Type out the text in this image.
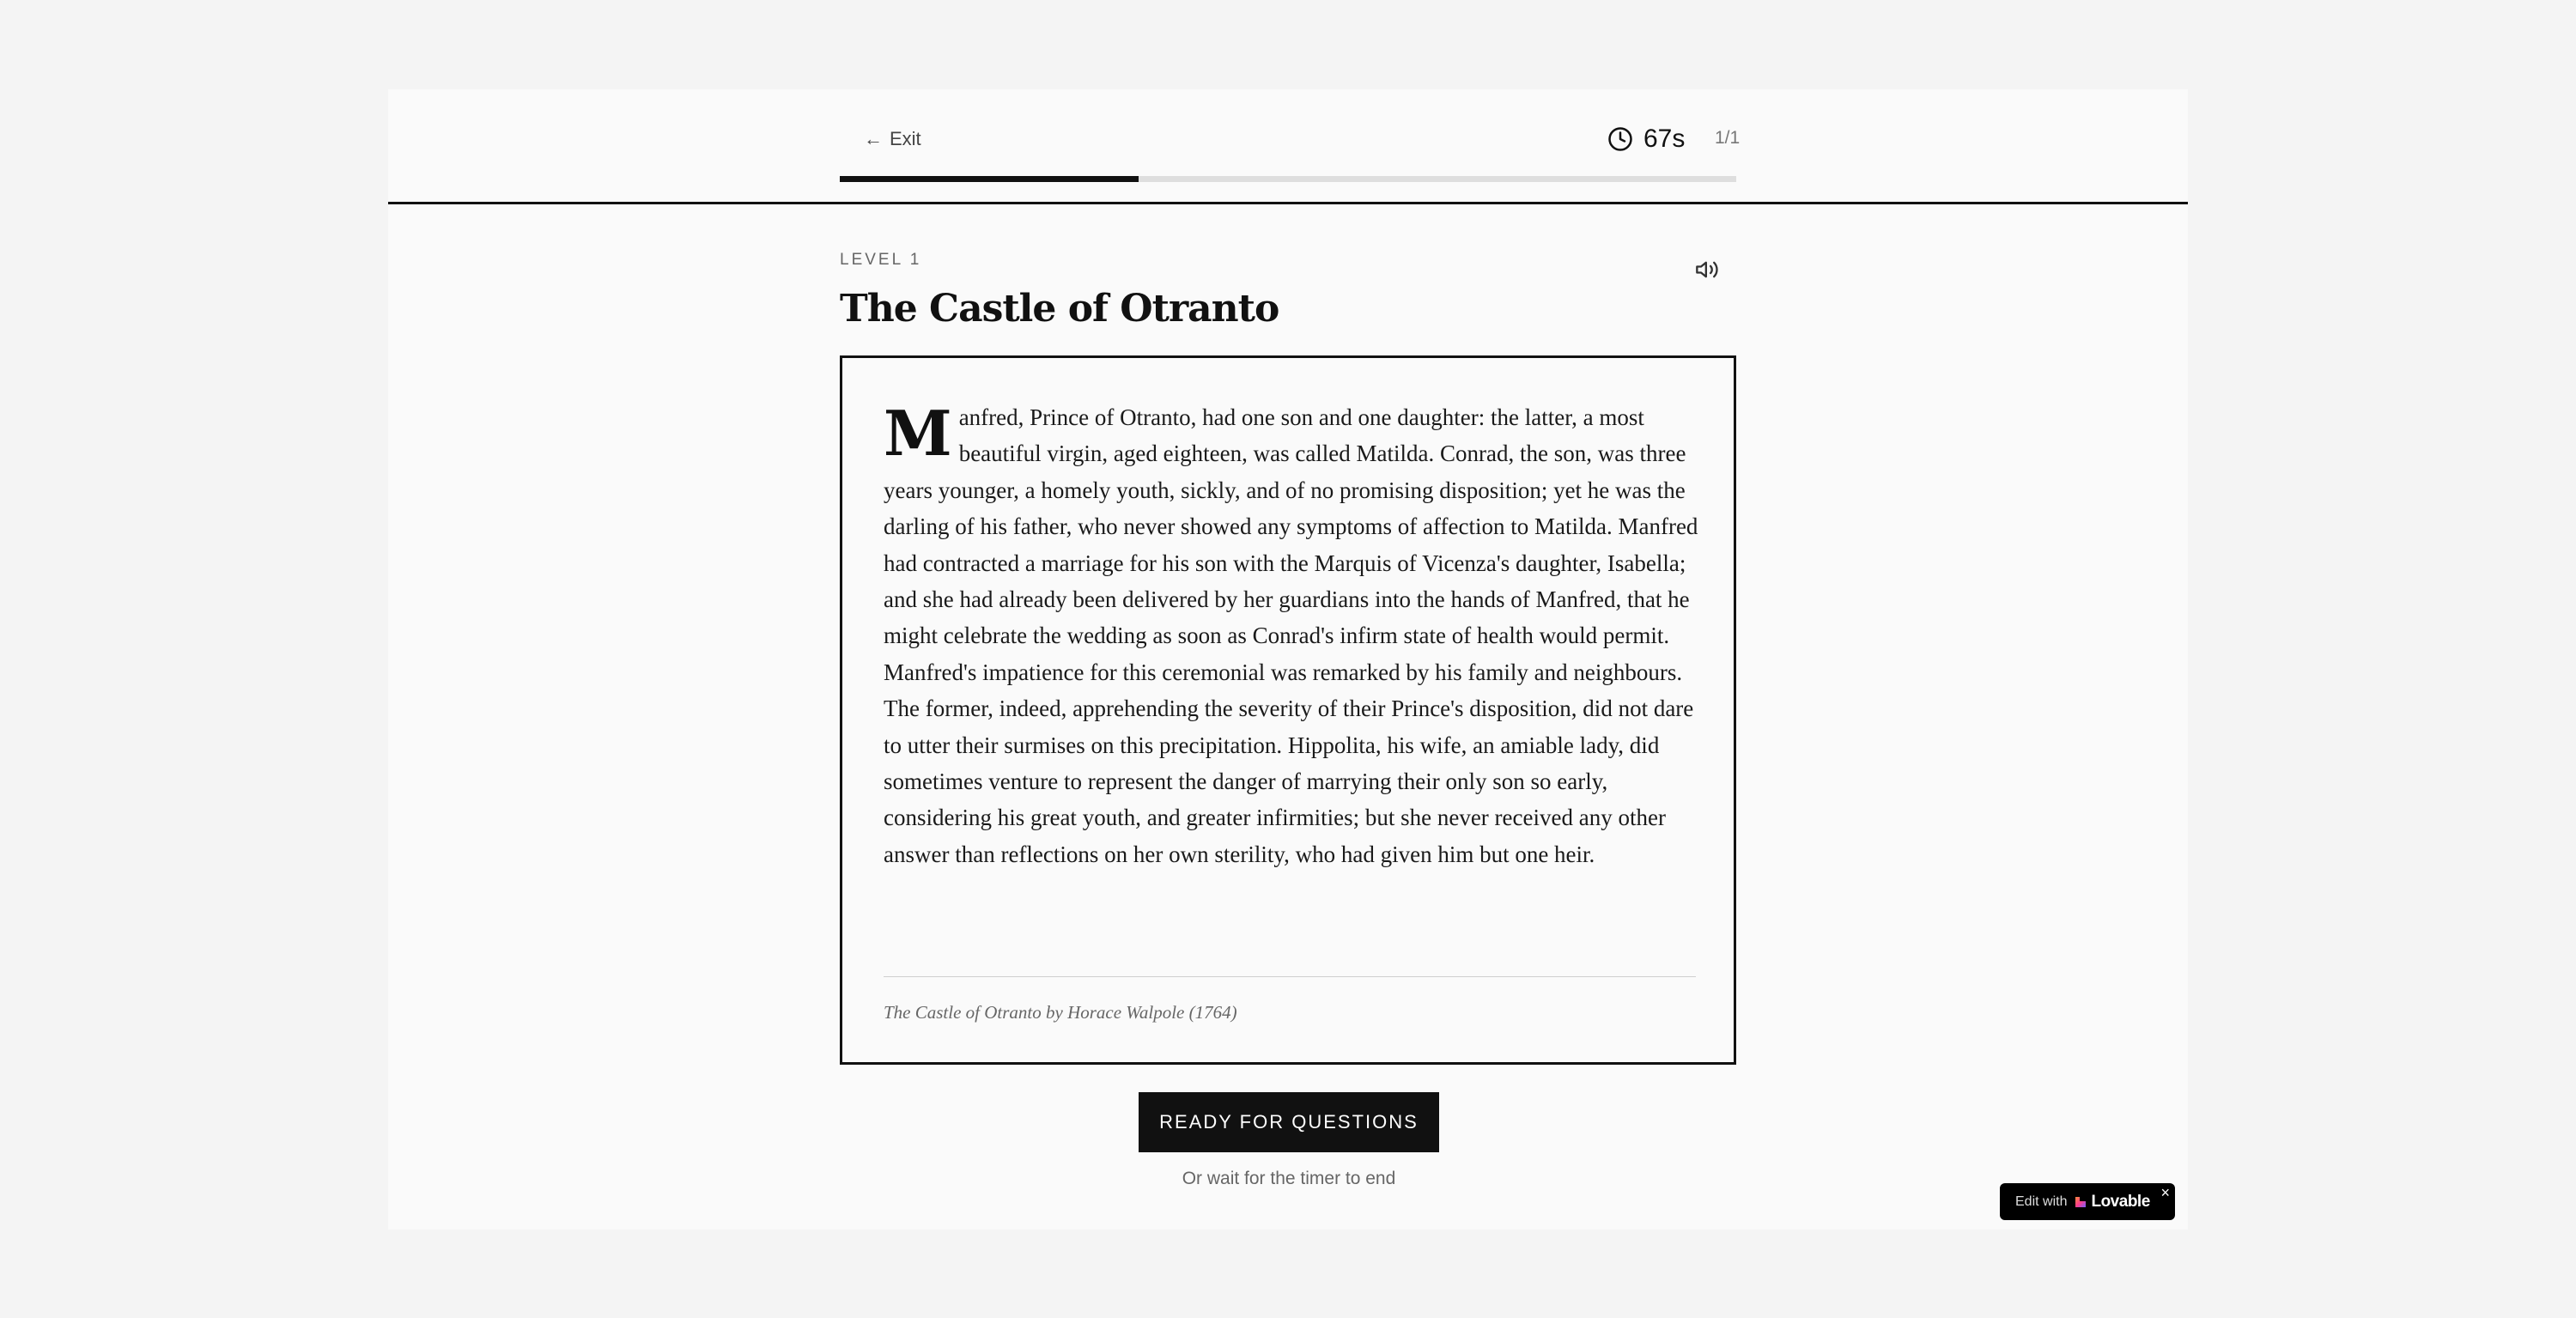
← Exit	67s 1/1
LEVEL 1
The Castle of Otranto

Manfred, Prince of Otranto, had one son and one daughter: the latter, a most beautiful virgin, aged eighteen, was called Matilda. Conrad, the son, was three years younger, a homely youth, sickly, and of no promising disposition; yet he was the darling of his father, who never showed any symptoms of affection to Matilda. Manfred had contracted a marriage for his son with the Marquis of Vicenza's daughter, Isabella; and she had already been delivered by her guardians into the hands of Manfred, that he might celebrate the wedding as soon as Conrad's infirm state of health would permit. Manfred's impatience for this ceremonial was remarked by his family and neighbours. The former, indeed, apprehending the severity of their Prince's disposition, did not dare to utter their surmises on this precipitation. Hippolita, his wife, an amiable lady, did sometimes venture to represent the danger of marrying their only son so early, considering his great youth, and greater infirmities; but she never received any other answer than reflections on her own sterility, who had given him but one heir.

The Castle of Otranto by Horace Walpole (1764)
READY FOR QUESTIONS
Or wait for the timer to end
Edit with Lovable ×
